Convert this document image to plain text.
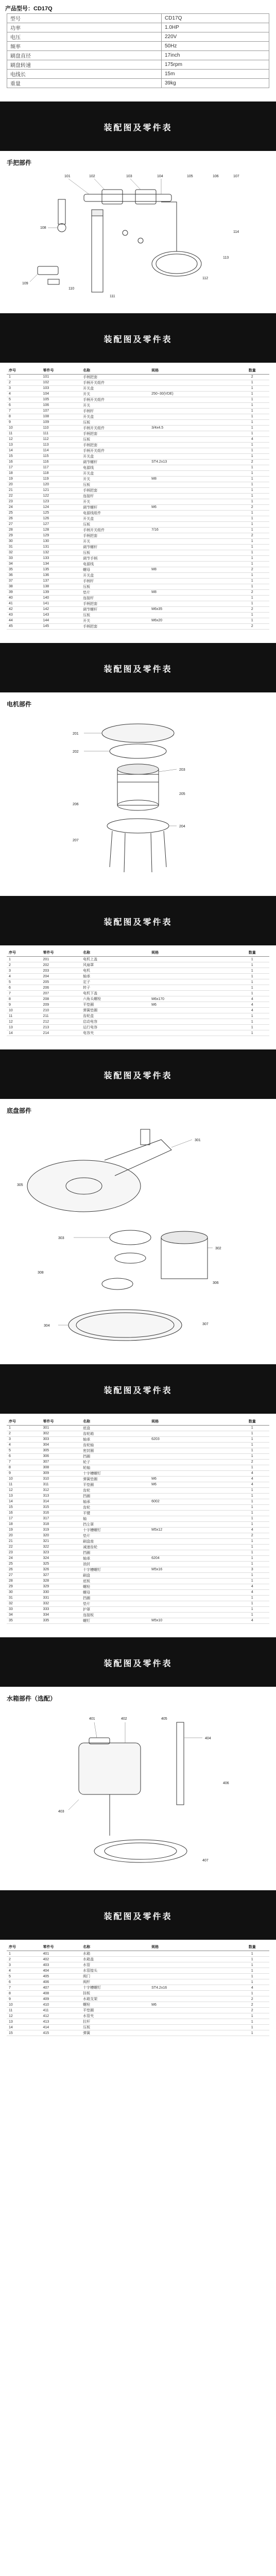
产品型号：CD17Q
型号	CD17Q
功率	1.0HP
电压	220V
频率	50Hz
刷盘直径	17inch
刷盘转速	175rpm
电线长	15m
重量	39kg
装配图及零件表
手把部件
101	102	103	104	105	106	107
108
109
110
111
112
113
114
装配图及零件表
序号	零件号	名称	规格	数量
1	101	手柄把套		2
2	102	手柄开关组件		1
3	103	开关盒		1
4	104	开关	250~30(VDE)	1
5	105	手柄开关组件		1
6	106	开关		1
7	107	手柄杆		1
8	108	开关盒		1
9	109	压板		1
10	110	手柄开关组件	3/4x4.5	1
11	111	手柄把套		1
12	112	压板		4
13	113	手柄把套		1
14	114	手柄开关组件		1
15	115	开关盒		1
16	116	调节螺杆	ST4.2x13	2
17	117	电源线		1
18	118	开关盒		1
19	119	开关	M8	1
20	120	压板		1
21	121	手柄把套		1
22	122	连接杆		1
23	123	开关		1
24	124	调节螺杆	M6	2
25	125	电源线组件		1
26	126	开关盒		1
27	127	压板		1
28	128	手柄开关组件	7/16	1
29	129	手柄把套		2
30	130	开关		1
31	131	调节螺杆		1
32	132	压板		1
33	133	调节手柄		1
34	134	电源线		1
35	135	螺母	M8	2
36	136	开关盒		1
37	137	手柄杆		1
38	138	压板		1
39	139	垫片	M8	2
40	140	连接杆		1
41	141	手柄把套		1
42	142	调节螺杆	M6x35	2
43	143	压板		1
44	144	开关	M6x20	1
45	145	手柄把套		2
装配图及零件表
电机部件
201
202
203
204
205
206
207
装配图及零件表
序号	零件号	名称	规格	数量
1	201	电机上盖		1
2	202	风扇罩		1
3	203	电机		1
4	204	轴承		1
5	205	定子		1
6	206	转子		1
7	207	电机下盖		1
8	208	六角头螺栓	M6x170	4
9	209	平垫圈	M6	4
10	210	弹簧垫圈		4
11	211	齿轮盒		1
12	212	启动电容		1
13	213	运行电容		1
14	214	电容夹		1
装配图及零件表
底盘部件
301
302
303
304
305
306
307
308
装配图及零件表
序号	零件号	名称	规格	数量
1	301	底盘		1
2	302	齿轮箱		1
3	303	轴承	6203	1
4	304	齿轮轴		1
5	305	密封圈		1
6	306	挡圈		1
7	307	轮子		2
8	308	轮轴		1
9	309	十字槽螺钉		4
10	310	弹簧垫圈	M6	4
11	311	平垫圈	M6	4
12	312	齿轮		1
13	313	挡圈		1
14	314	轴承	6002	1
15	315	齿轮		1
16	316	平键		1
17	317	轴		1
18	318	挡尘罩		1
19	319	十字槽螺钉	M5x12	4
20	320	垫片		2
21	321	刷盘座		1
22	322	减速齿轮		1
23	323	挡圈		1
24	324	轴承	6204	1
25	325	油封		1
26	326	十字槽螺钉	M5x16	3
27	327	刷盘		1
28	328	底板		1
29	329	螺栓		4
30	330	螺母		4
31	331	挡圈		1
32	332	垫片		1
33	333	护罩		1
34	334	连接板		1
35	335	螺钉	M5x10	4
装配图及零件表
水箱部件（选配）
401	402
403
404
405
406
407
装配图及零件表
序号	零件号	名称	规格	数量
1	401	水箱		1
2	402	水箱盖		1
3	403	水管		1
4	404	水管接头		1
5	405	阀门		1
6	406	阀杆		1
7	407	十字槽螺钉	ST4.2x16	4
8	408	挂板		1
9	409	水箱支架		2
10	410	螺栓	M6	2
11	411	平垫圈		2
12	412	水管夹		1
13	413	拉杆		1
14	414	压板		1
15	415	弹簧		1
